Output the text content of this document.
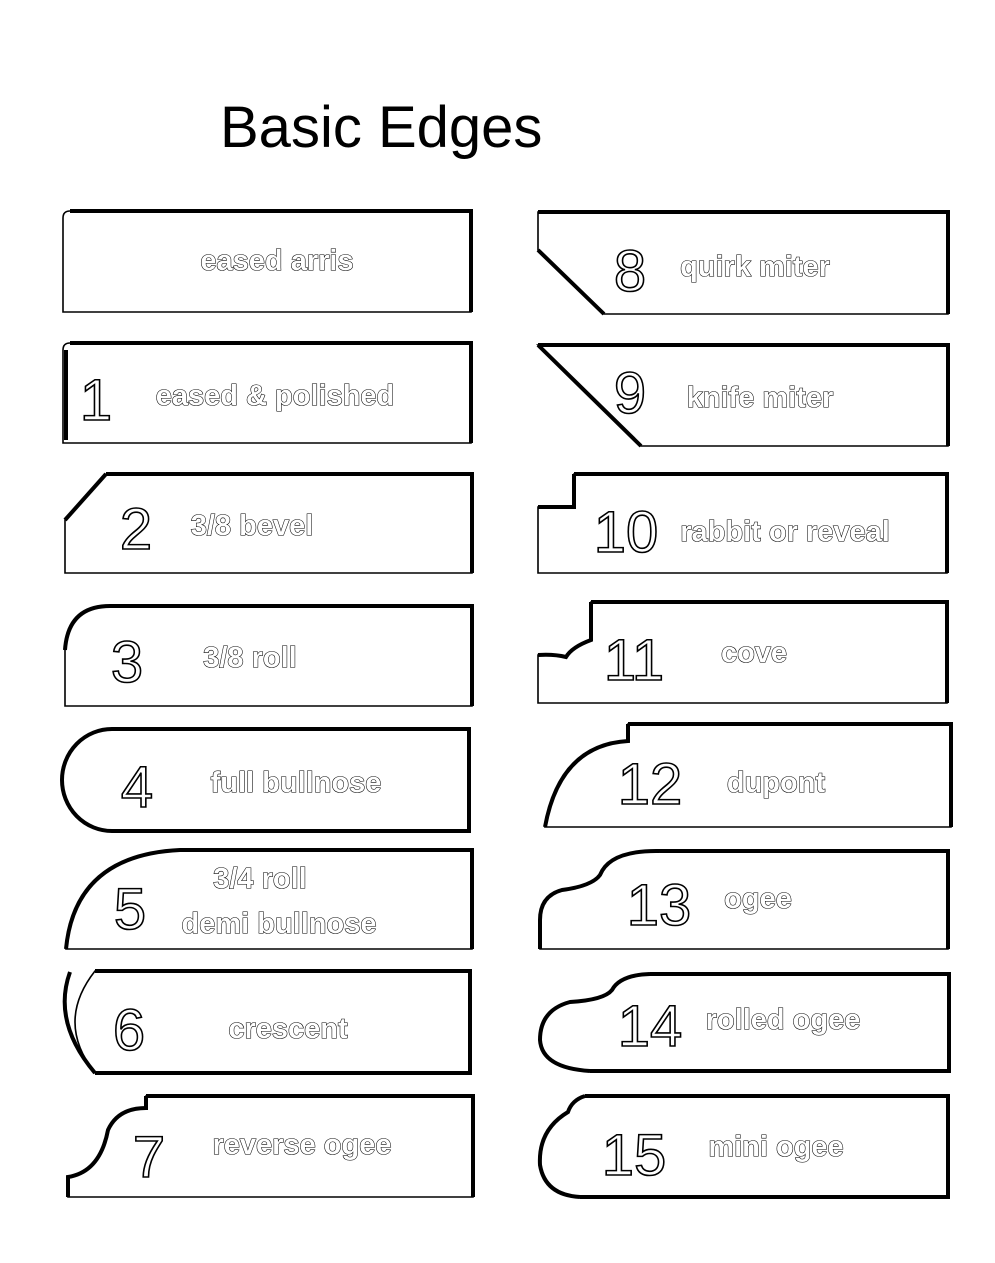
Basic Edges
eased arris
1 eased & polished
2 3/8 bevel
3 3/8 roll
4 full bullnose
5 3/4 roll
demi bullnose
6	crescent
7 reverse ogee
8 quirk miter
9 knife miter
10 rabbit or reveal
11 cove
12 dupont
13 ogee
14 rolled ogee
15 mini ogee
